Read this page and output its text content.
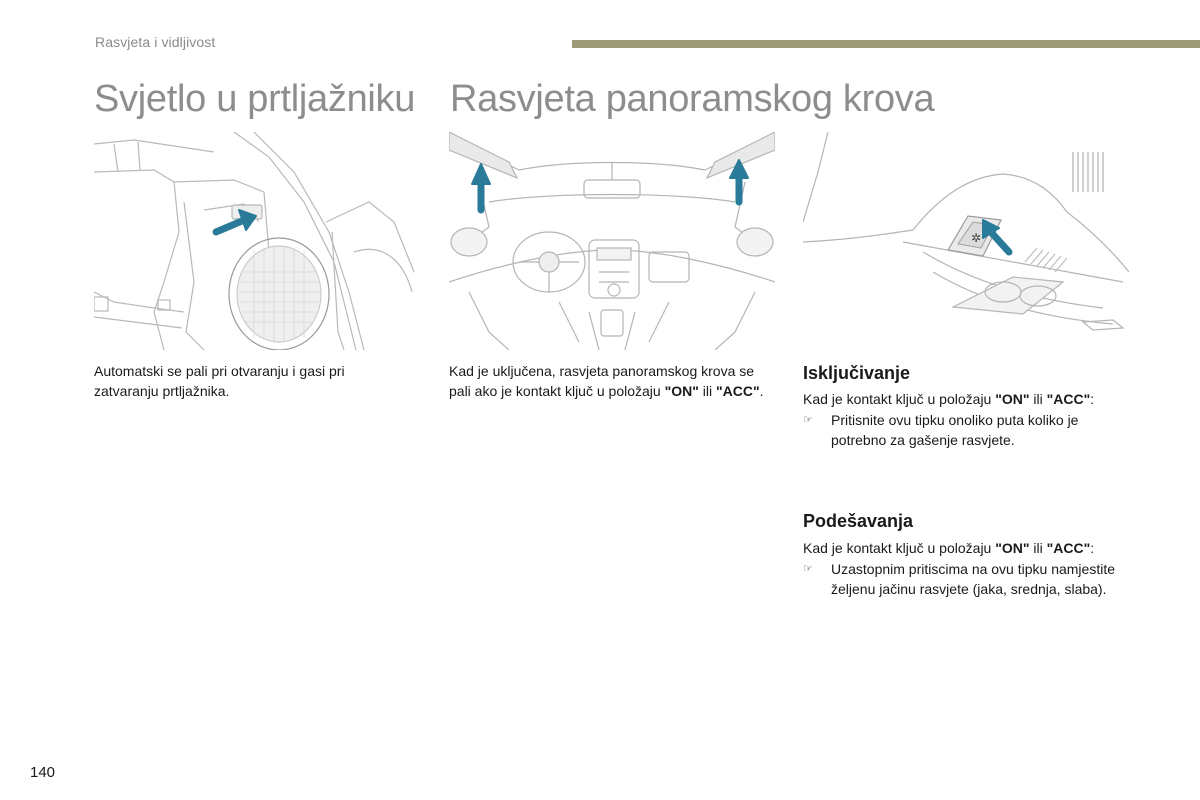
Rasvjeta i vidljivost
Svjetlo u prtljažniku Rasvjeta panoramskog krova
✲

Automatski se pali pri otvaranju i gasi pri zatvaranju prtljažnika.

Kad je uključena, rasvjeta panoramskog krova se pali ako je kontakt ključ u položaju "ON" ili "ACC".

Isključivanje

Kad je kontakt ključ u položaju "ON" ili "ACC":

☞ Pritisnite ovu tipku onoliko puta koliko je potrebno za gašenje rasvjete.
Podešavanja

Kad je kontakt ključ u položaju "ON" ili "ACC":

☞ Uzastopnim pritiscima na ovu tipku namjestite željenu jačinu rasvjete (jaka, srednja, slaba).
140
